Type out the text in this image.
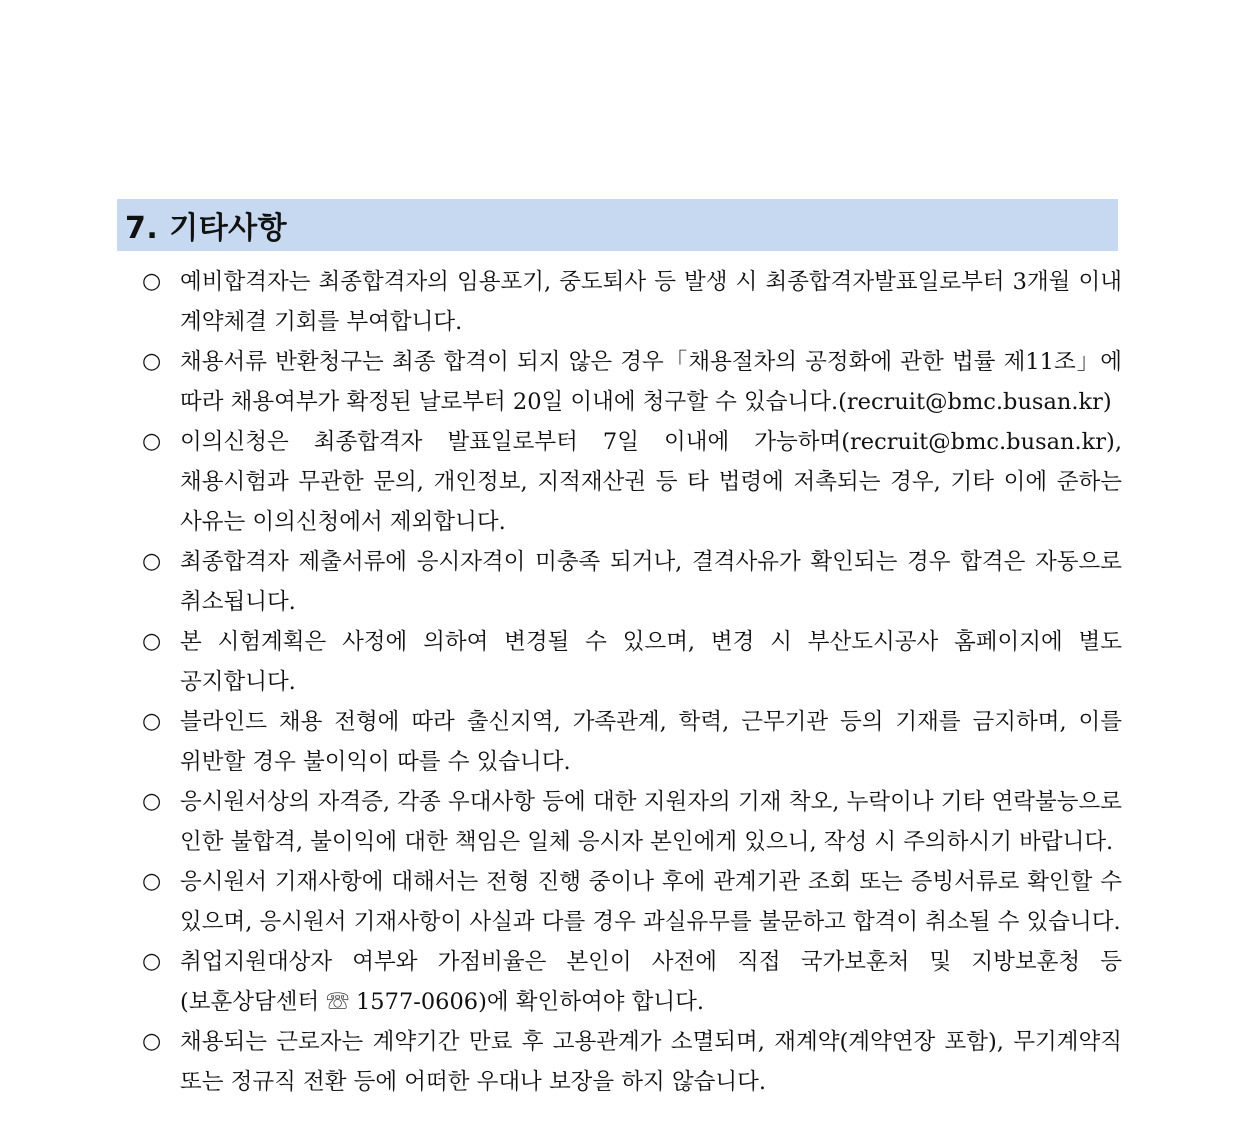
7. 기타사항
○ 예비합격자는 최종합격자의 임용포기, 중도퇴사 등 발생 시 최종합격자발표일로부터 3개월 이내 계약체결 기회를 부여합니다.
○ 채용서류 반환청구는 최종 합격이 되지 않은 경우「채용절차의 공정화에 관한 법률 제11조」에 따라 채용여부가 확정된 날로부터 20일 이내에 청구할 수 있습니다.(recruit@bmc.busan.kr)
○ 이의신청은 최종합격자 발표일로부터 7일 이내에 가능하며(recruit@bmc.busan.kr), 채용시험과 무관한 문의, 개인정보, 지적재산권 등 타 법령에 저촉되는 경우, 기타 이에 준하는 사유는 이의신청에서 제외합니다.
○ 최종합격자 제출서류에 응시자격이 미충족 되거나, 결격사유가 확인되는 경우 합격은 자동으로 취소됩니다.
○ 본 시험계획은 사정에 의하여 변경될 수 있으며, 변경 시 부산도시공사 홈페이지에 별도 공지합니다.
○ 블라인드 채용 전형에 따라 출신지역, 가족관계, 학력, 근무기관 등의 기재를 금지하며, 이를 위반할 경우 불이익이 따를 수 있습니다.
○ 응시원서상의 자격증, 각종 우대사항 등에 대한 지원자의 기재 착오, 누락이나 기타 연락불능으로 인한 불합격, 불이익에 대한 책임은 일체 응시자 본인에게 있으니, 작성 시 주의하시기 바랍니다.
○ 응시원서 기재사항에 대해서는 전형 진행 중이나 후에 관계기관 조회 또는 증빙서류로 확인할 수 있으며, 응시원서 기재사항이 사실과 다를 경우 과실유무를 불문하고 합격이 취소될 수 있습니다.
○ 취업지원대상자 여부와 가점비율은 본인이 사전에 직접 국가보훈처 및 지방보훈청 등(보훈상담센터 ☏ 1577-0606)에 확인하여야 합니다.
○ 채용되는 근로자는 계약기간 만료 후 고용관계가 소멸되며, 재계약(계약연장 포함), 무기계약직 또는 정규직 전환 등에 어떠한 우대나 보장을 하지 않습니다.
